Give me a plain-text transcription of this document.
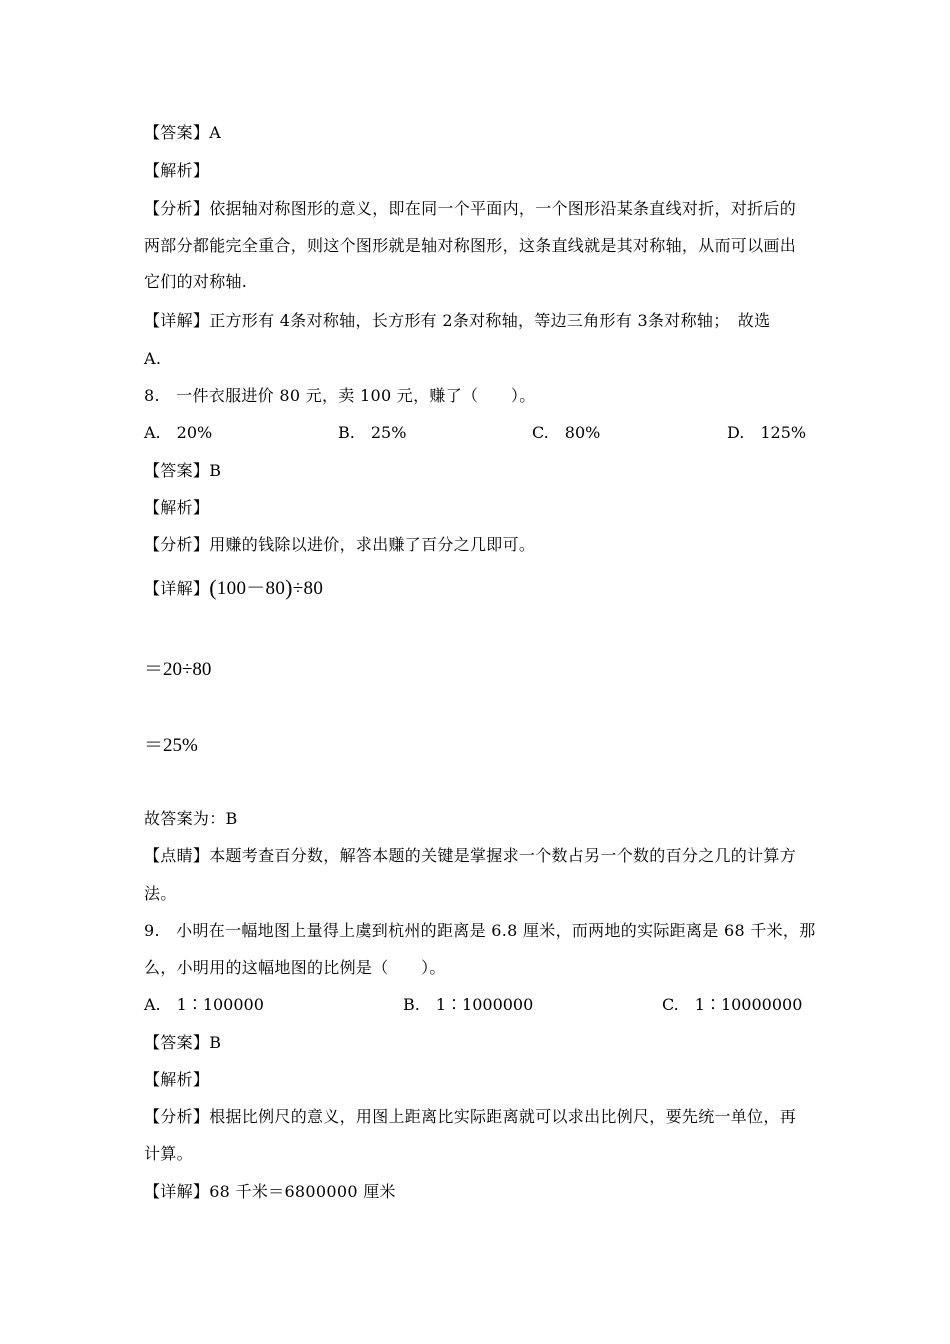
【答案】A
【解析】
【分析】依据轴对称图形的意义，即在同一个平面内，一个图形沿某条直线对折，对折后的
两部分都能完全重合，则这个图形就是轴对称图形，这条直线就是其对称轴，从而可以画出
它们的对称轴.
【详解】正方形有 4条对称轴，长方形有 2条对称轴，等边三角形有 3条对称轴；　故选
A.
8.　一件衣服进价 80 元，卖 100 元，赚了（　　）。
A.　20%	B.　25%	C.　80%	D.　125%
【答案】B
【解析】
【分析】用赚的钱除以进价，求出赚了百分之几即可。
【详解】(100－80)÷80
＝20÷80
＝25%
故答案为：B
【点睛】本题考查百分数，解答本题的关键是掌握求一个数占另一个数的百分之几的计算方
法。
9.　小明在一幅地图上量得上虞到杭州的距离是 6.8 厘米，而两地的实际距离是 68 千米，那
么，小明用的这幅地图的比例是（　　）。
A.　1∶100000	B.　1∶1000000	C.　1∶10000000
【答案】B
【解析】
【分析】根据比例尺的意义，用图上距离比实际距离就可以求出比例尺，要先统一单位，再
计算。
【详解】68 千米＝6800000 厘米
